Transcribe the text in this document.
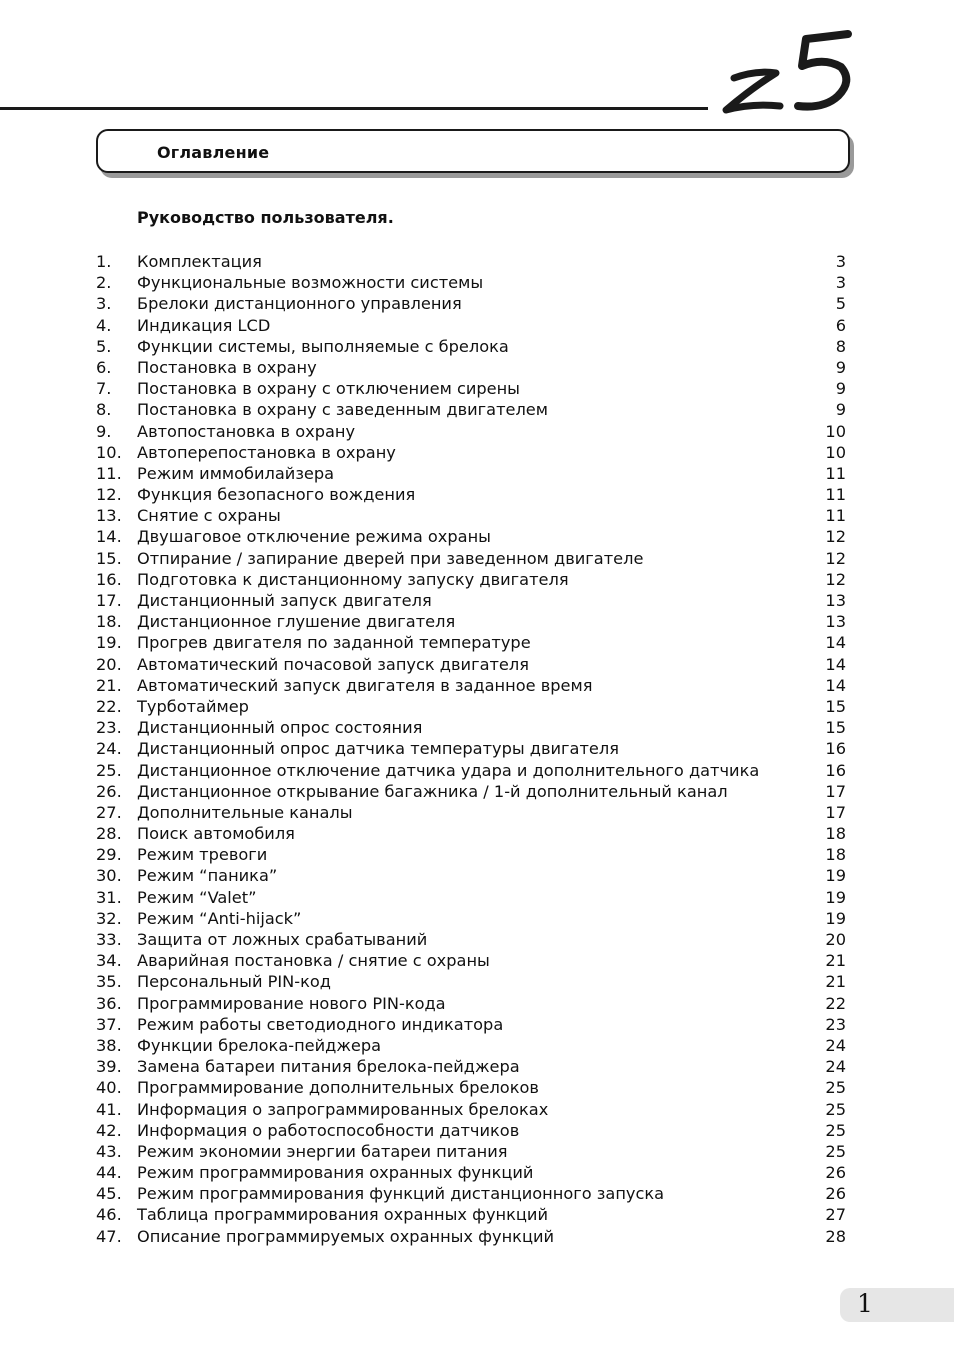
Оглавление
Руководство пользователя.
1. Комплектация	3
2. Функциональные возможности системы	3
3. Брелоки дистанционного управления	5
4. Индикация LCD	6
5. Функции системы, выполняемые с брелока	8
6. Постановка в охрану	9
7. Постановка в охрану с отключением сирены	9
8. Постановка в охрану с заведенным двигателем	9
9. Автопостановка в охрану	10
10. Автоперепостановка в охрану	10
11. Режим иммобилайзера	11
12. Функция безопасного вождения	11
13. Снятие с охраны	11
14. Двушаговое отключение режима охраны	12
15. Отпирание / запирание дверей при заведенном двигателе	12
16. Подготовка к дистанционному запуску двигателя	12
17. Дистанционный запуск двигателя	13
18. Дистанционное глушение двигателя	13
19. Прогрев двигателя по заданной температуре	14
20. Автоматический почасовой запуск двигателя	14
21. Автоматический запуск двигателя в заданное время	14
22. Турботаймер	15
23. Дистанционный опрос состояния	15
24. Дистанционный опрос датчика температуры двигателя	16
25. Дистанционное отключение датчика удара и дополнительного датчика	16
26. Дистанционное открывание багажника / 1-й дополнительный канал	17
27. Дополнительные каналы	17
28. Поиск автомобиля	18
29. Режим тревоги	18
30. Режим “паника”	19
31. Режим “Valet”	19
32. Режим “Anti-hijack”	19
33. Защита от ложных срабатываний	20
34. Аварийная постановка / снятие с охраны	21
35. Персональный PIN-код	21
36. Программирование нового PIN-кода	22
37. Режим работы светодиодного индикатора	23
38. Функции брелока-пейджера	24
39. Замена батареи питания брелока-пейджера	24
40. Программирование дополнительных брелоков	25
41. Информация о запрограммированных брелоках	25
42. Информация о работоспособности датчиков	25
43. Режим экономии энергии батареи питания	25
44. Режим программирования охранных функций	26
45. Режим программирования функций дистанционного запуска	26
46. Таблица программирования охранных функций	27
47. Описание программируемых охранных функций	28
1
